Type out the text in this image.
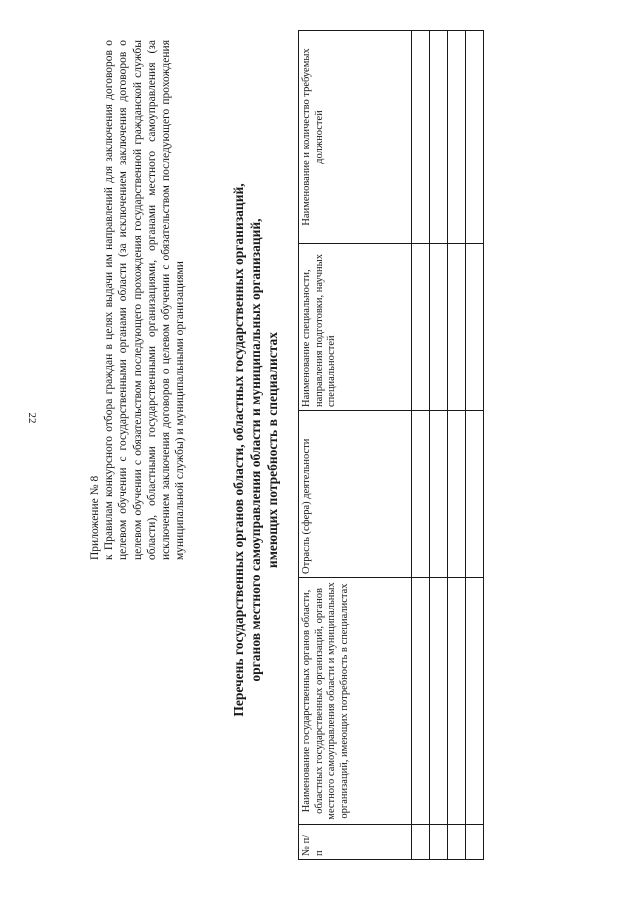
22
Приложение № 8 к Правилам конкурсного отбора граждан в целях выдачи им направлений для заключения договоров о целевом обучении с государственными органами области (за исключением заключения договоров о целевом обучении с обязательством последующего прохождения государственной гражданской службы области), областными государственными организациями, органами местного самоуправления (за исключением заключения договоров о целевом обучении с обязательством последующего прохождения муниципальной службы) и муниципальными организациями	Перечень государственных органов области, областных государственных организаций, органов местного самоуправления области и муниципальных организаций, имеющих потребность в специалистах
№ п/ п	Наименование государственных органов области, областных государственных организаций, органов местного самоуправления области и муниципальных организаций, имеющих потребность в специалистах	Отрасль (сфера) деятельности	Наименование специальности, направления подготовки, научных специальностей	Наименование и количество требуемых должностей
